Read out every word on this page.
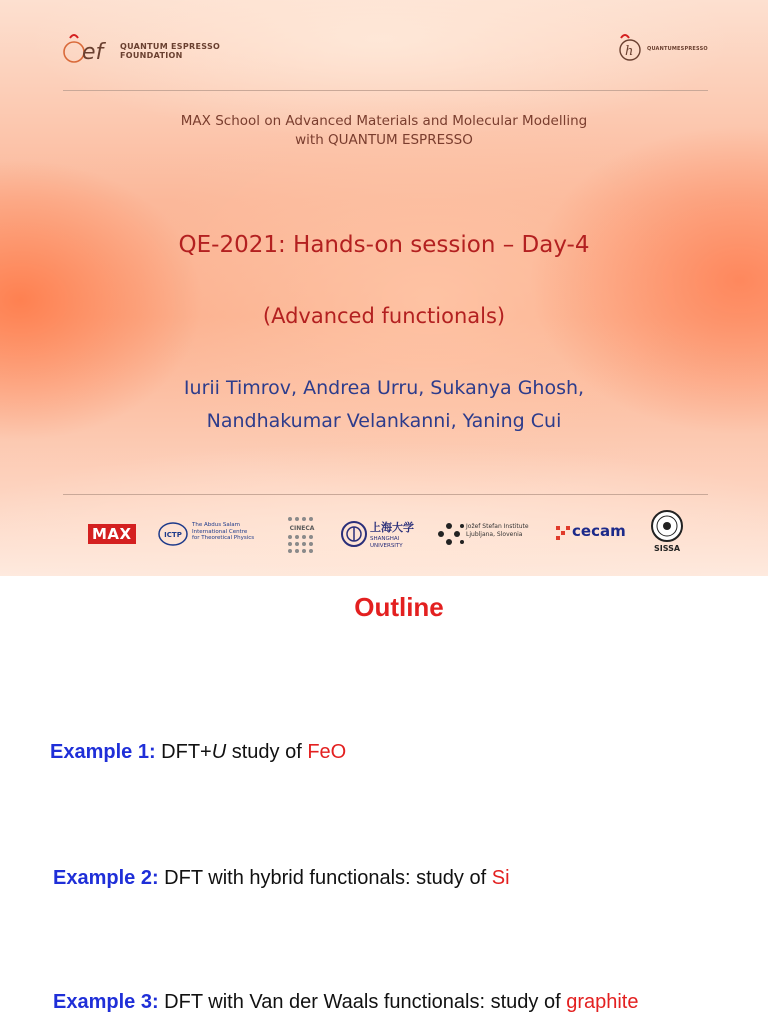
ef	QUANTUM ESPRESSO
FOUNDATION	h	QUANTUMESPRESSO
MAX School on Advanced Materials and Molecular Modelling
with QUANTUM ESPRESSO
QE-2021: Hands-on session – Day-4
(Advanced functionals)
Iurii Timrov, Andrea Urru, Sukanya Ghosh,
Nandhakumar Velankanni, Yaning Cui
MAX	ICTP
The Abdus Salam
International Centre
for Theoretical Physics
CINECA	上海大学
SHANGHAI
UNIVERSITY
Jožef Stefan Institute
Ljubljana, Slovenia	cecam
SISSA
Outline
Example 1: DFT+U study of FeO
Example 2: DFT with hybrid functionals: study of Si
Example 3: DFT with Van der Waals functionals: study of graphite
